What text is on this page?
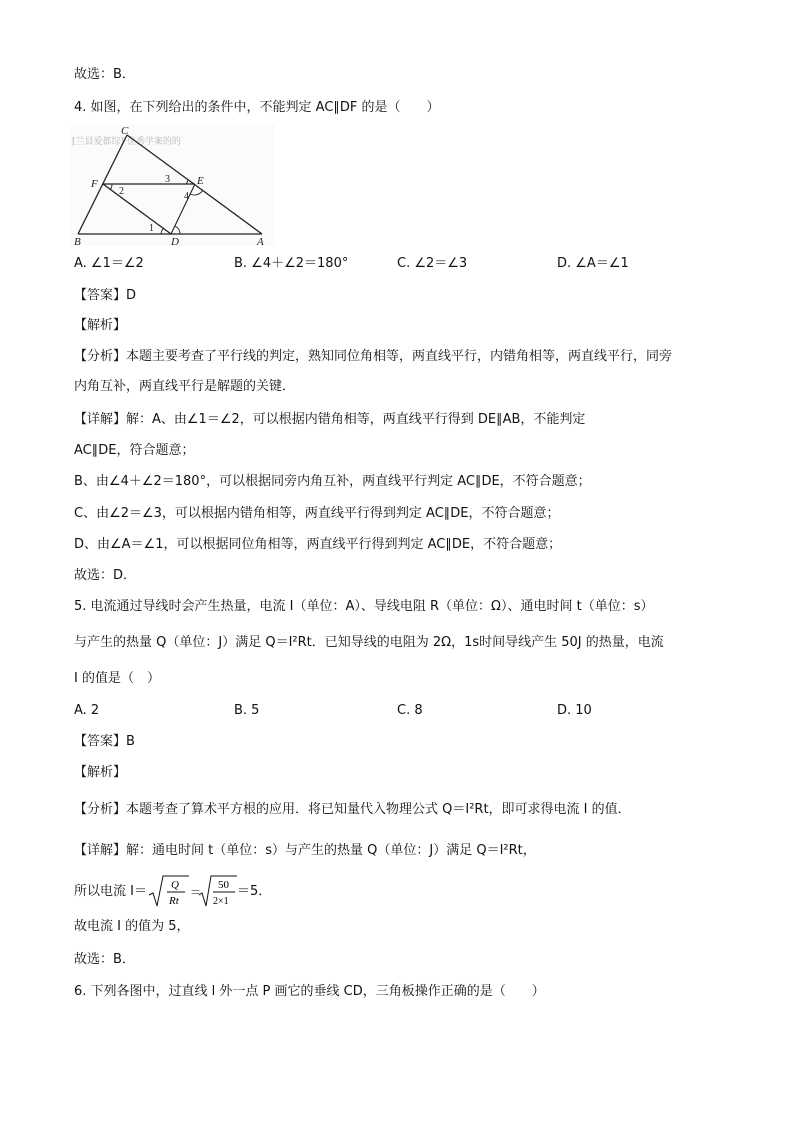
故选：B．
4. 如图，在下列给出的条件中，不能判定 AC∥DF 的是（　　）
[兰县爱都综] 优秀学案的的
C
F	E
B	D	A
1
2
3
4
A. ∠1＝∠2	B. ∠4＋∠2＝180°	C. ∠2＝∠3	D. ∠A＝∠1
【答案】D
【解析】
【分析】本题主要考查了平行线的判定，熟知同位角相等，两直线平行，内错角相等，两直线平行，同旁
内角互补，两直线平行是解题的关键．
【详解】解：A、由∠1＝∠2，可以根据内错角相等，两直线平行得到 DE∥AB，不能判定
AC∥DE，符合题意；
B、由∠4＋∠2＝180°，可以根据同旁内角互补，两直线平行判定 AC∥DE，不符合题意；
C、由∠2＝∠3，可以根据内错角相等，两直线平行得到判定 AC∥DE，不符合题意；
D、由∠A＝∠1，可以根据同位角相等，两直线平行得到判定 AC∥DE，不符合题意；
故选：D．
5. 电流通过导线时会产生热量，电流 I（单位：A）、导线电阻 R（单位：Ω）、通电时间 t（单位：s）
与产生的热量 Q（单位：J）满足 Q＝I²Rt．已知导线的电阻为 2Ω，1s时间导线产生 50J 的热量，电流
I 的值是（　）
A. 2	B. 5	C. 8	D. 10
【答案】B
【解析】
【分析】本题考查了算术平方根的应用．将已知量代入物理公式 Q＝I²Rt，即可求得电流 I 的值．
【详解】解：通电时间 t（单位：s）与产生的热量 Q（单位：J）满足 Q＝I²Rt，
所以电流 I＝ Q
Rt
＝
50
2×1
＝5．
故电流 I 的值为 5，
故选：B．
6. 下列各图中，过直线 l 外一点 P 画它的垂线 CD，三角板操作正确的是（　　）
